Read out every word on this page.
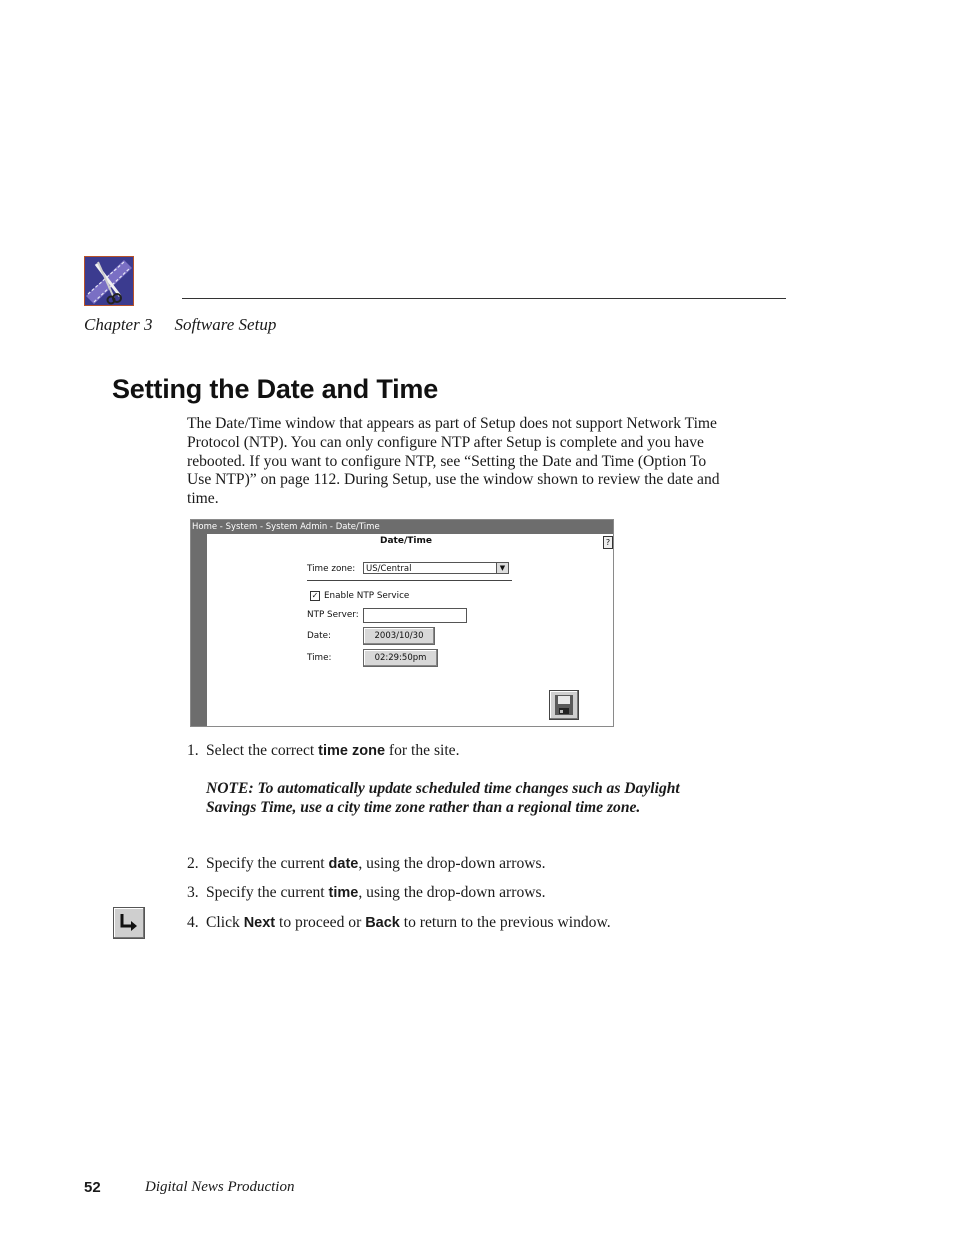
Chapter 3 Software Setup
Setting the Date and Time

The Date/Time window that appears as part of Setup does not support Network Time Protocol (NTP). You can only configure NTP after Setup is complete and you have rebooted. If you want to configure NTP, see “Setting the Date and Time (Option To Use NTP)” on page 112. During Setup, use the window shown to review the date and time.

Home - System - System Admin - Date/Time
Date/Time	?
Time zone:	US/Central	▼
✓ Enable NTP Service
NTP Server:
Date:	2003/10/30
Time:	02:29:50pm
1. Select the correct time zone for the site.

NOTE: To automatically update scheduled time changes such as Daylight Savings Time, use a city time zone rather than a regional time zone.

2. Specify the current date, using the drop-down arrows.
3. Specify the current time, using the drop-down arrows.
4. Click Next to proceed or Back to return to the previous window.
52	Digital News Production
